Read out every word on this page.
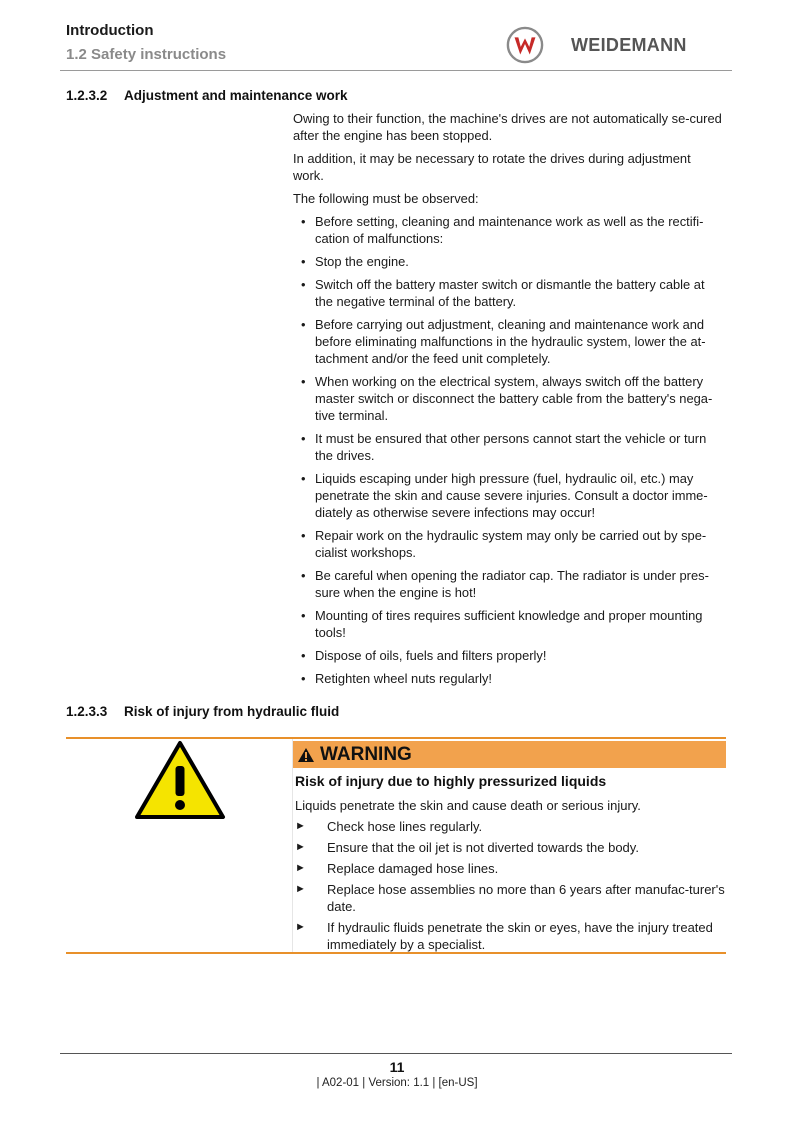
Introduction

1.2 Safety instructions	WEIDEMANN
1.2.3.2 Adjustment and maintenance work

Owing to their function, the machine's drives are not automatically se-cured after the engine has been stopped.

In addition, it may be necessary to rotate the drives during adjustment work.

The following must be observed:

• Before setting, cleaning and maintenance work as well as the rectifi-cation of malfunctions:
• Stop the engine.
• Switch off the battery master switch or dismantle the battery cable at the negative terminal of the battery.
• Before carrying out adjustment, cleaning and maintenance work and before eliminating malfunctions in the hydraulic system, lower the at-tachment and/or the feed unit completely.
• When working on the electrical system, always switch off the battery master switch or disconnect the battery cable from the battery's nega-tive terminal.
• It must be ensured that other persons cannot start the vehicle or turn the drives.
• Liquids escaping under high pressure (fuel, hydraulic oil, etc.) may penetrate the skin and cause severe injuries. Consult a doctor imme-diately as otherwise severe infections may occur!
• Repair work on the hydraulic system may only be carried out by spe-cialist workshops.
• Be careful when opening the radiator cap. The radiator is under pres-sure when the engine is hot!
• Mounting of tires requires sufficient knowledge and proper mounting tools!
• Dispose of oils, fuels and filters properly!
• Retighten wheel nuts regularly!
1.2.3.3 Risk of injury from hydraulic fluid
WARNING

Risk of injury due to highly pressurized liquids

Liquids penetrate the skin and cause death or serious injury.

► Check hose lines regularly.
► Ensure that the oil jet is not diverted towards the body.
► Replace damaged hose lines.
► Replace hose assemblies no more than 6 years after manufac-turer's date.
► If hydraulic fluids penetrate the skin or eyes, have the injury treated immediately by a specialist.

11

| A02-01 | Version: 1.1 | [en-US]
